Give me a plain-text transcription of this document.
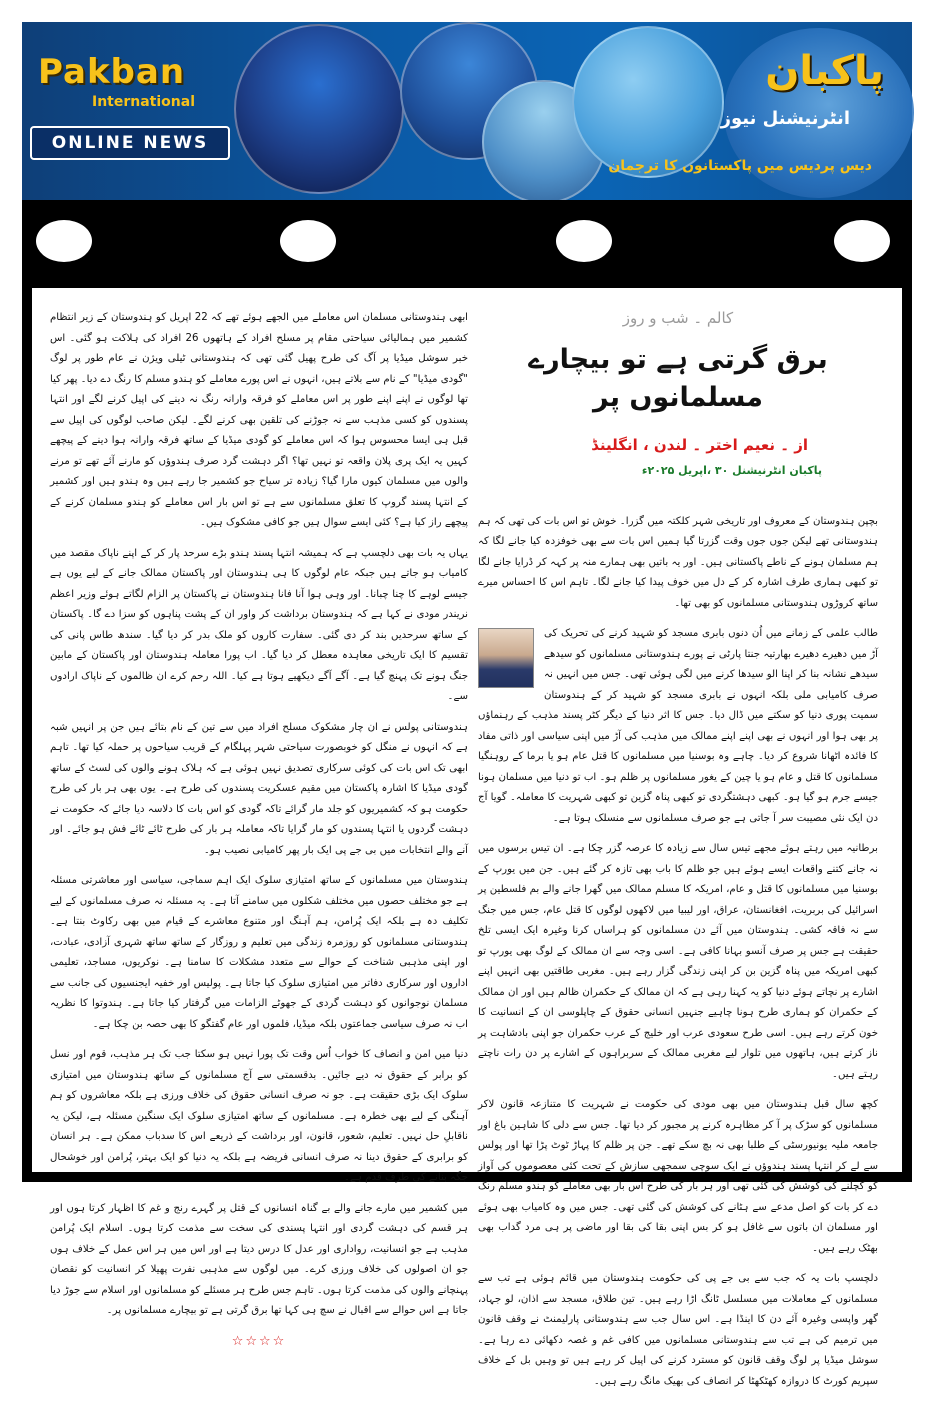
Pakban
International
ONLINE NEWS
پاکبان
انٹرنیشنل نیوز
دیس پردیس میں پاکستانوں کا ترجمان
کالم ۔ شب و روز
برق گرتی ہے تو بیچارے مسلمانوں پر
از ۔ نعیم اختر ۔ لندن ، انگلینڈ
پاکبان انٹرنیشنل ۳۰ ،اپریل ۲۰۲۵ء

بچپن ہندوستان کے معروف اور تاریخی شہر کلکتہ میں گزرا۔ خوش تو اس بات کی تھی کہ ہم ہندوستانی تھے لیکن جوں جوں وقت گزرتا گیا ہمیں اس بات سے بھی خوفزدہ کیا جانے لگا کہ ہم مسلمان ہونے کے ناطے پاکستانی ہیں۔ اور یہ باتیں بھی ہمارے منہ پر کہہ کر ڈرایا جانے لگا تو کبھی ہماری طرف اشارہ کر کے دل میں خوف پیدا کیا جانے لگا۔ تاہم اس کا احساس میرے ساتھ کروڑوں ہندوستانی مسلمانوں کو بھی تھا۔

طالب علمی کے زمانے میں اُن دنوں بابری مسجد کو شہید کرنے کی تحریک کی آڑ میں دھیرے دھیرے بھارتیہ جنتا پارٹی نے پورے ہندوستانی مسلمانوں کو سیدھے سیدھے نشانہ بنا کر اپنا الو سیدھا کرنے میں لگی ہوئی تھی۔ جس میں انہیں نہ صرف کامیابی ملی بلکہ انہوں نے بابری مسجد کو شہید کر کے ہندوستان سمیت پوری دنیا کو سکتے میں ڈال دیا۔ جس کا اثر دنیا کے دیگر کٹر پسند مذہب کے رہنماؤں پر بھی ہوا اور انہوں نے بھی اپنے اپنے ممالک میں مذہب کی آڑ میں اپنی سیاسی اور ذاتی مفاد کا فائدہ اٹھانا شروع کر دیا۔ چاہے وہ بوسنیا میں مسلمانوں کا قتل عام ہو یا برما کے روہنگیا مسلمانوں کا قتل و عام ہو یا چین کے یغور مسلمانوں پر ظلم ہو۔ اب تو دنیا میں مسلمان ہونا جیسے جرم ہو گیا ہو۔ کبھی دہشتگردی تو کبھی پناہ گزین تو کبھی شہریت کا معاملہ۔ گویا آج دن ایک نئی مصیبت سر آ جاتی ہے جو صرف مسلمانوں سے منسلک ہوتا ہے۔

برطانیہ میں رہتے ہوئے مجھے تیس سال سے زیادہ کا عرصہ گزر چکا ہے۔ ان تیس برسوں میں نہ جانے کتنے واقعات ایسے ہوئے ہیں جو ظلم کا باب بھی تازہ کر گئے ہیں۔ جن میں یورپ کے بوسنیا میں مسلمانوں کا قتل و عام، امریکہ کا مسلم ممالک میں گھرا جانے والے بم فلسطین پر اسرائیل کی بربریت، افغانستان، عراق، اور لیبیا میں لاکھوں لوگوں کا قتل عام، جس میں جنگ سے نہ فاقہ کشی۔ ہندوستان میں آئے دن مسلمانوں کو ہراساں کرنا وغیرہ ایک ایسی تلخ حقیقت ہے جس پر صرف آنسو بہانا کافی ہے۔ اسی وجہ سے ان ممالک کے لوگ بھی یورپ تو کبھی امریکہ میں پناہ گزین بن کر اپنی زندگی گزار رہے ہیں۔ مغربی طاقتیں بھی انہیں اپنے اشارے پر نچاتے ہوئے دنیا کو یہ کہنا رہی ہے کہ ان ممالک کے حکمران ظالم ہیں اور ان ممالک کے حکمران کو ہماری طرح ہونا چاہیے جنہیں انسانی حقوق کے چاپلوسی ان کے انسانیت کا خون کرتے رہے ہیں۔ اسی طرح سعودی عرب اور خلیج کے عرب حکمران جو اپنی بادشاہت پر ناز کرتے ہیں، ہاتھوں میں تلوار لیے مغربی ممالک کے سربراہوں کے اشارے پر دن رات ناچتے رہتے ہیں۔

کچھ سال قبل ہندوستان میں بھی مودی کی حکومت نے شہریت کا متنازعہ قانون لاکر مسلمانوں کو سڑک پر آ کر مظاہرہ کرنے پر مجبور کر دیا تھا۔ جس سے دلی کا شاہین باغ اور جامعہ ملیہ یونیورسٹی کے طلبا بھی نہ بچ سکے تھے۔ جن پر ظلم کا پہاڑ ٹوٹ پڑا تھا اور پولس سے لے کر انتہا پسند ہندوؤں نے ایک سوچی سمجھی سازش کے تحت کئی معصوموں کی آواز کو کچلنے کی کوشش کی گئی تھی اور ہر بار کی طرح اس بار بھی معاملے کو ہندو مسلم رنگ دے کر بات کو اصل مدعے سے ہٹانے کی کوشش کی گئی تھی۔ جس میں وہ کامیاب بھی ہوئے اور مسلمان ان باتوں سے غافل ہو کر بس اپنی بقا کی بقا اور ماضی پر ہی مرد گداب بھی بھٹک رہے ہیں۔

دلچسپ بات یہ کہ جب سے بی جے پی کی حکومت ہندوستان میں قائم ہوئی ہے تب سے مسلمانوں کے معاملات میں مسلسل ٹانگ اڑا رہے ہیں۔ تین طلاق، مسجد سے اذان، لو جہاد، گھر واپسی وغیرہ آئے دن کا اینڈا ہے۔ اس سال جب سے ہندوستانی پارلیمنٹ نے وقف قانون میں ترمیم کی ہے تب سے ہندوستانی مسلمانوں میں کافی غم و غصہ دکھائی دے رہا ہے۔ سوشل میڈیا پر لوگ وقف قانون کو مسترد کرنے کی اپیل کر رہے ہیں تو وہیں بل کے خلاف سپریم کورٹ کا دروازہ کھٹکھٹا کر انصاف کی بھیک مانگ رہے ہیں۔

ابھی ہندوستانی مسلمان اس معاملے میں الجھے ہوئے تھے کہ 22 اپریل کو ہندوستان کے زیر انتظام کشمیر میں ہمالیائی سیاحتی مقام پر مسلح افراد کے ہاتھوں 26 افراد کی ہلاکت ہو گئی۔ اس خبر سوشل میڈیا پر آگ کی طرح پھیل گئی تھی کہ ہندوستانی ٹیلی ویژن نے عام طور پر لوگ "گودی میڈیا" کے نام سے بلاتے ہیں، انہوں نے اس پورے معاملے کو ہندو مسلم کا رنگ دے دیا۔ پھر کیا تھا لوگوں نے اپنے اپنے طور پر اس معاملے کو فرقہ وارانہ رنگ نہ دینے کی اپیل کرنے لگے اور انتہا پسندوں کو کسی مذہب سے نہ جوڑنے کی تلقین بھی کرنے لگے۔ لیکن صاحب لوگوں کی اپیل سے قبل ہی ایسا محسوس ہوا کہ اس معاملے کو گودی میڈیا کے ساتھ فرقہ وارانہ ہوا دینے کے پیچھے کہیں یہ ایک پری پلان واقعہ تو نہیں تھا؟ اگر دہشت گرد صرف ہندوؤں کو مارنے آئے تھے تو مرنے والوں میں مسلمان کیوں مارا گیا؟ زیادہ تر سیاح جو کشمیر جا رہے ہیں وہ ہندو ہیں اور کشمیر کے انتہا پسند گروپ کا تعلق مسلمانوں سے ہے تو اس بار اس معاملے کو ہندو مسلمان کرنے کے پیچھے راز کیا ہے؟ کئی ایسے سوال ہیں جو کافی مشکوک ہیں۔

یہاں یہ بات بھی دلچسپ ہے کہ ہمیشہ انتہا پسند ہندو بڑے سرحد پار کر کے اپنے ناپاک مقصد میں کامیاب ہو جاتے ہیں جبکہ عام لوگوں کا ہی ہندوستان اور پاکستان ممالک جانے کے لیے یوں ہے جیسے لوہے کا چنا چبانا۔ اور وہی ہوا آنا فانا ہندوستان نے پاکستان پر الزام لگاتے ہوئے وزیر اعظم نریندر مودی نے کہا ہے کہ ہندوستان برداشت کر واور ان کے پشت پناہوں کو سزا دے گا۔ پاکستان کے ساتھ سرحدیں بند کر دی گئی۔ سفارت کاروں کو ملک بدر کر دیا گیا۔ سندھ طاس پانی کی تقسیم کا ایک تاریخی معاہدہ معطل کر دیا گیا۔ اب پورا معاملہ ہندوستان اور پاکستان کے مابین جنگ ہونے تک پہنچ گیا ہے۔ آگے آگے دیکھیے ہوتا ہے کیا۔ اللہ رحم کرے ان ظالموں کے ناپاک ارادوں سے۔

ہندوستانی پولس نے ان چار مشکوک مسلح افراد میں سے تین کے نام بتائے ہیں جن پر انہیں شبہ ہے کہ انہوں نے منگل کو خوبصورت سیاحتی شہر پہلگام کے قریب سیاحوں پر حملہ کیا تھا۔ تاہم ابھی تک اس بات کی کوئی سرکاری تصدیق نہیں ہوئی ہے کہ ہلاک ہونے والوں کی لسٹ کے ساتھ گودی میڈیا کا اشارہ پاکستان میں مقیم عسکریت پسندوں کی طرح ہے۔ یوں بھی ہر بار کی طرح حکومت ہو کہ کشمیریوں کو جلد مار گرائے تاکہ گودی کو اس بات کا دلاسہ دیا جائے کہ حکومت نے دہشت گردوں یا انتہا پسندوں کو مار گرایا تاکہ معاملہ ہر بار کی طرح ٹائے ٹائے فش ہو جائے۔ اور آنے والے انتخابات میں بی جے پی ایک بار پھر کامیابی نصیب ہو۔

ہندوستان میں مسلمانوں کے ساتھ امتیازی سلوک ایک اہم سماجی، سیاسی اور معاشرتی مسئلہ ہے جو مختلف حصوں میں مختلف شکلوں میں سامنے آتا ہے۔ یہ مسئلہ نہ صرف مسلمانوں کے لیے تکلیف دہ ہے بلکہ ایک پُرامن، ہم آہنگ اور متنوع معاشرے کے قیام میں بھی رکاوٹ بنتا ہے۔ ہندوستانی مسلمانوں کو روزمرہ زندگی میں تعلیم و روزگار کے ساتھ ساتھ شہری آزادی، عبادت، اور اپنی مذہبی شناخت کے حوالے سے متعدد مشکلات کا سامنا ہے۔ نوکریوں، مساجد، تعلیمی اداروں اور سرکاری دفاتر میں امتیازی سلوک کیا جاتا ہے۔ پولیس اور خفیہ ایجنسیوں کی جانب سے مسلمان نوجوانوں کو دہشت گردی کے جھوٹے الزامات میں گرفتار کیا جاتا ہے۔ ہندوتوا کا نظریہ اب نہ صرف سیاسی جماعتوں بلکہ میڈیا، فلموں اور عام گفتگو کا بھی حصہ بن چکا ہے۔

دنیا میں امن و انصاف کا خواب اُس وقت تک پورا نہیں ہو سکتا جب تک ہر مذہب، قوم اور نسل کو برابر کے حقوق نہ دیے جائیں۔ بدقسمتی سے آج مسلمانوں کے ساتھ ہندوستان میں امتیازی سلوک ایک بڑی حقیقت ہے۔ جو نہ صرف انسانی حقوق کی خلاف ورزی ہے بلکہ معاشروں کو ہم آہنگی کے لیے بھی خطرہ ہے۔ مسلمانوں کے ساتھ امتیازی سلوک ایک سنگین مسئلہ ہے، لیکن یہ ناقابلِ حل نہیں۔ تعلیم، شعور، قانون، اور برداشت کے ذریعے اس کا سدباب ممکن ہے۔ ہر انسان کو برابری کے حقوق دینا نہ صرف انسانی فریضہ ہے بلکہ یہ دنیا کو ایک بہتر، پُرامن اور خوشحال جگہ بنانے کی طرف قدم ہے۔

میں کشمیر میں مارے جانے والے بے گناہ انسانوں کے قتل پر گہرے رنج و غم کا اظہار کرتا ہوں اور ہر قسم کی دہشت گردی اور انتہا پسندی کی سخت سے مذمت کرتا ہوں۔ اسلام ایک پُرامن مذہب ہے جو انسانیت، رواداری اور عدل کا درس دیتا ہے اور اس میں ہر اس عمل کے خلاف ہوں جو ان اصولوں کی خلاف ورزی کرے۔ میں لوگوں سے مذہبی نفرت پھیلا کر انسانیت کو نقصان پہنچانے والوں کی مذمت کرتا ہوں۔ تاہم جس طرح ہر مسئلے کو مسلمانوں اور اسلام سے جوڑ دیا جاتا ہے اس حوالے سے اقبال نے سچ ہی کہا تھا برق گرتی ہے تو بیچارے مسلمانوں پر۔

☆☆☆☆
